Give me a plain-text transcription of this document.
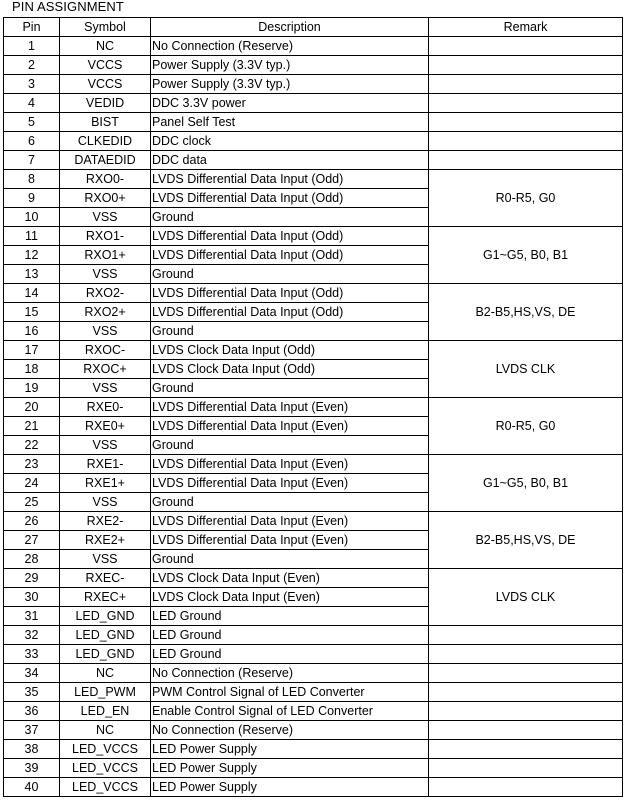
PIN ASSIGNMENT
Pin	Symbol	Description	Remark
1	NC	No Connection (Reserve)	
2	VCCS	Power Supply (3.3V typ.)	
3	VCCS	Power Supply (3.3V typ.)	
4	VEDID	DDC 3.3V power	
5	BIST	Panel Self Test	
6	CLKEDID	DDC clock	
7	DATAEDID	DDC data	
8	RXO0-	LVDS Differential Data Input (Odd)	R0-R5, G0
9	RXO0+	LVDS Differential Data Input (Odd)	
10	VSS	Ground	
11	RXO1-	LVDS Differential Data Input (Odd)	G1~G5, B0, B1
12	RXO1+	LVDS Differential Data Input (Odd)	
13	VSS	Ground	
14	RXO2-	LVDS Differential Data Input (Odd)	B2-B5,HS,VS, DE
15	RXO2+	LVDS Differential Data Input (Odd)	
16	VSS	Ground	
17	RXOC-	LVDS Clock Data Input (Odd)	LVDS CLK
18	RXOC+	LVDS Clock Data Input (Odd)	
19	VSS	Ground	
20	RXE0-	LVDS Differential Data Input (Even)	R0-R5, G0
21	RXE0+	LVDS Differential Data Input (Even)	
22	VSS	Ground	
23	RXE1-	LVDS Differential Data Input (Even)	G1~G5, B0, B1
24	RXE1+	LVDS Differential Data Input (Even)	
25	VSS	Ground	
26	RXE2-	LVDS Differential Data Input (Even)	B2-B5,HS,VS, DE
27	RXE2+	LVDS Differential Data Input (Even)	
28	VSS	Ground	
29	RXEC-	LVDS Clock Data Input (Even)	LVDS CLK
30	RXEC+	LVDS Clock Data Input (Even)	
31	LED_GND	LED Ground	
32	LED_GND	LED Ground	
33	LED_GND	LED Ground	
34	NC	No Connection (Reserve)	
35	LED_PWM	PWM Control Signal of LED Converter	
36	LED_EN	Enable Control Signal of LED Converter	
37	NC	No Connection (Reserve)	
38	LED_VCCS	LED Power Supply	
39	LED_VCCS	LED Power Supply	
40	LED_VCCS	LED Power Supply	
